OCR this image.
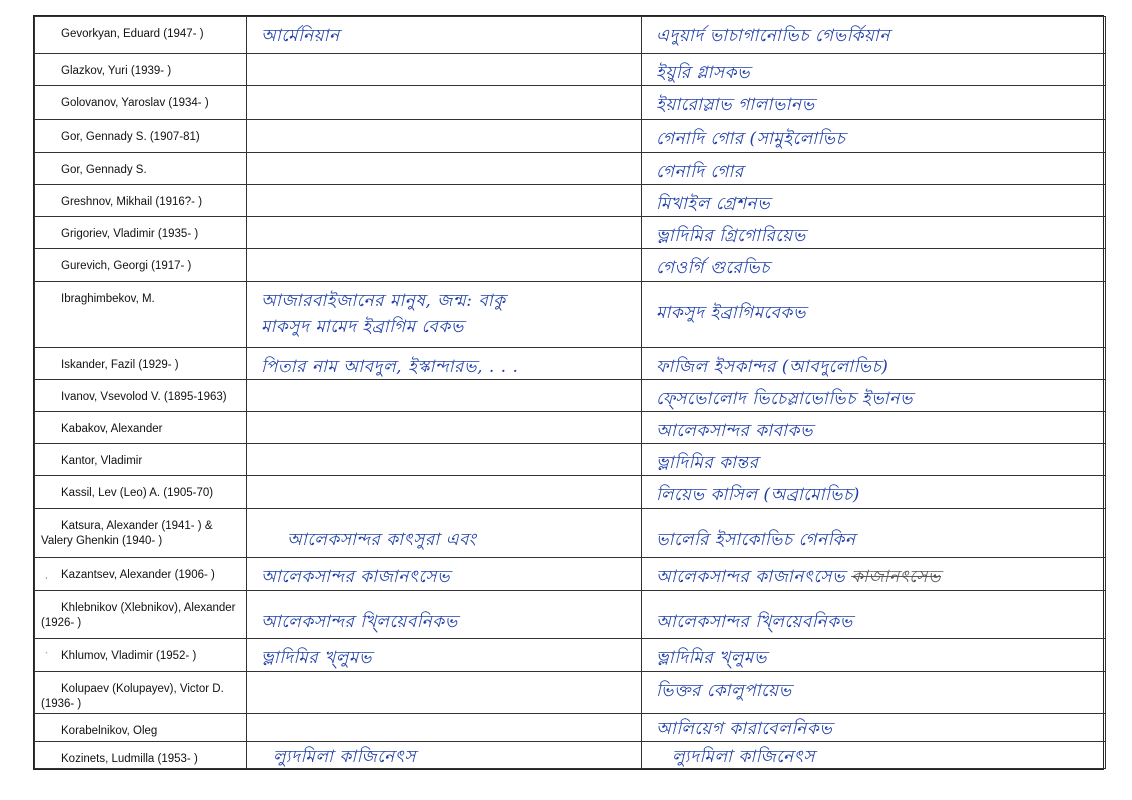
Gevorkyan, Eduard (1947- )	আর্মেনিয়ান	এদুয়ার্দ ভাচাগানোভিচ গেভর্কিয়ান

Glazkov, Yuri (1939- )		ইয়ুরি গ্লাসকভ

Golovanov, Yaroslav (1934- )		ইয়ারোস্লাভ গালাভানভ

Gor, Gennady S. (1907-81)		গেনাদি গোর (সামুইলোভিচ

Gor, Gennady S.		গেনাদি গোর

Greshnov, Mikhail (1916?- )		মিখাইল গ্রেশনভ

Grigoriev, Vladimir (1935- )		ভ্লাদিমির গ্রিগোরিয়েভ

Gurevich, Georgi (1917- )		গেওর্গি গুরেভিচ

Ibraghimbekov, M.	আজারবাইজানের মানুষ, জন্ম: বাকু
মাকসুদ মামেদ ইব্রাগিম বেকভ	মাকসুদ ইব্রাগিমবেকভ

Iskander, Fazil (1929- )	পিতার নাম আবদুল, ইস্কান্দারভ, . . .	ফাজিল ইসকান্দর (আবদুলোভিচ)

Ivanov, Vsevolod V. (1895-1963)		ফ্সেভোলোদ ভিচেস্লাভোভিচ ইভানভ

Kabakov, Alexander		আলেকসান্দর কাবাকভ

Kantor, Vladimir		ভ্লাদিমির কান্তর

Kassil, Lev (Leo) A. (1905-70)		লিয়েভ কাসিল (অব্রামোভিচ)

Katsura, Alexander (1941- ) &
Valery Ghenkin (1940- )	আলেকসান্দর কাৎসুরা এবং	ভালেরি ইসাকোভিচ গেনকিন

, Kazantsev, Alexander (1906- )	আলেকসান্দর কাজানৎসেভ	আলেকসান্দর কাজানৎসেভ কাজানৎসেভ

Khlebnikov (Xlebnikov), Alexander
(1926- )	আলেকসান্দর খ্লিয়েবনিকভ	আলেকসান্দর খ্লিয়েবনিকভ

` Khlumov, Vladimir (1952- )	ভ্লাদিমির খ্লুমভ	ভ্লাদিমির খ্লুমভ

Kolupaev (Kolupayev), Victor D.
(1936- )		ভিক্তর কোলুপায়েভ

Korabelnikov, Oleg		আলিয়েগ কারাবেলনিকভ

Kozinets, Ludmilla (1953- )	ল্যুদমিলা কাজিনেৎস	ল্যুদমিলা কাজিনেৎস
